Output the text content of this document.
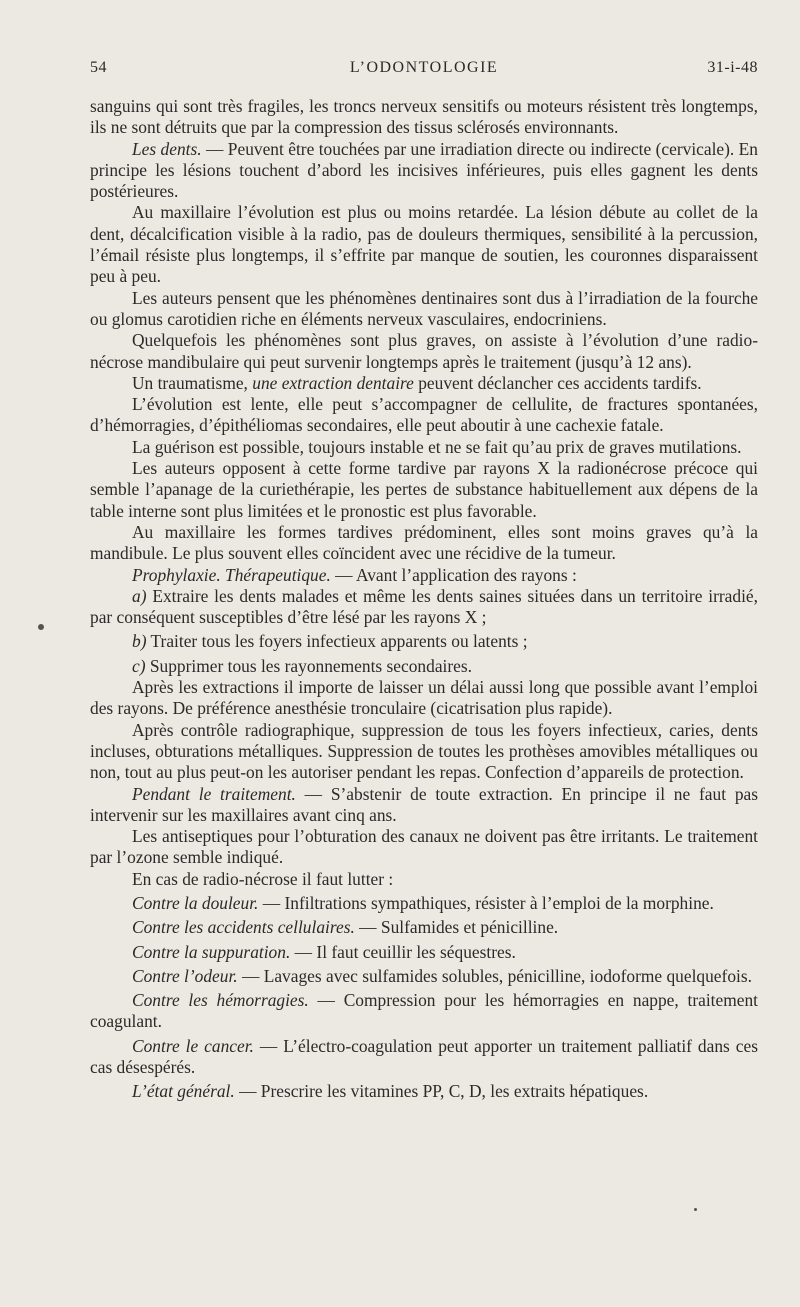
54	L’ODONTOLOGIE	31-i-48

sanguins qui sont très fragiles, les troncs nerveux sensitifs ou moteurs résistent très longtemps, ils ne sont détruits que par la compression des tissus sclérosés environnants.

Les dents. — Peuvent être touchées par une irradiation directe ou indirecte (cervicale). En principe les lésions touchent d’abord les incisives inférieures, puis elles gagnent les dents postérieures.

Au maxillaire l’évolution est plus ou moins retardée. La lésion débute au collet de la dent, décalcification visible à la radio, pas de douleurs thermiques, sensibilité à la percussion, l’émail résiste plus longtemps, il s’effrite par manque de soutien, les couronnes disparaissent peu à peu.

Les auteurs pensent que les phénomènes dentinaires sont dus à l’irradiation de la fourche ou glomus carotidien riche en éléments nerveux vasculaires, endocriniens.

Quelquefois les phénomènes sont plus graves, on assiste à l’évolution d’une radio-nécrose mandibulaire qui peut survenir longtemps après le traitement (jusqu’à 12 ans).

Un traumatisme, une extraction dentaire peuvent déclancher ces accidents tardifs.

L’évolution est lente, elle peut s’accompagner de cellulite, de fractures spontanées, d’hémorragies, d’épithéliomas secondaires, elle peut aboutir à une cachexie fatale.

La guérison est possible, toujours instable et ne se fait qu’au prix de graves mutilations.

Les auteurs opposent à cette forme tardive par rayons X la radionécrose précoce qui semble l’apanage de la curiethérapie, les pertes de substance habituellement aux dépens de la table interne sont plus limitées et le pronostic est plus favorable.

Au maxillaire les formes tardives prédominent, elles sont moins graves qu’à la mandibule. Le plus souvent elles coïncident avec une récidive de la tumeur.

Prophylaxie. Thérapeutique. — Avant l’application des rayons :

a) Extraire les dents malades et même les dents saines situées dans un territoire irradié, par conséquent susceptibles d’être lésé par les rayons X ;

b) Traiter tous les foyers infectieux apparents ou latents ;

c) Supprimer tous les rayonnements secondaires.

Après les extractions il importe de laisser un délai aussi long que possible avant l’emploi des rayons. De préférence anesthésie tronculaire (cicatrisation plus rapide).

Après contrôle radiographique, suppression de tous les foyers infectieux, caries, dents incluses, obturations métalliques. Suppression de toutes les prothèses amovibles métalliques ou non, tout au plus peut-on les autoriser pendant les repas. Confection d’appareils de protection.

Pendant le traitement. — S’abstenir de toute extraction. En principe il ne faut pas intervenir sur les maxillaires avant cinq ans.

Les antiseptiques pour l’obturation des canaux ne doivent pas être irritants. Le traitement par l’ozone semble indiqué.

En cas de radio-nécrose il faut lutter :

Contre la douleur. — Infiltrations sympathiques, résister à l’emploi de la morphine.

Contre les accidents cellulaires. — Sulfamides et pénicilline.

Contre la suppuration. — Il faut ceuillir les séquestres.

Contre l’odeur. — Lavages avec sulfamides solubles, pénicilline, iodoforme quelquefois.

Contre les hémorragies. — Compression pour les hémorragies en nappe, traitement coagulant.

Contre le cancer. — L’électro-coagulation peut apporter un traitement palliatif dans ces cas désespérés.

L’état général. — Prescrire les vitamines PP, C, D, les extraits hépatiques.
